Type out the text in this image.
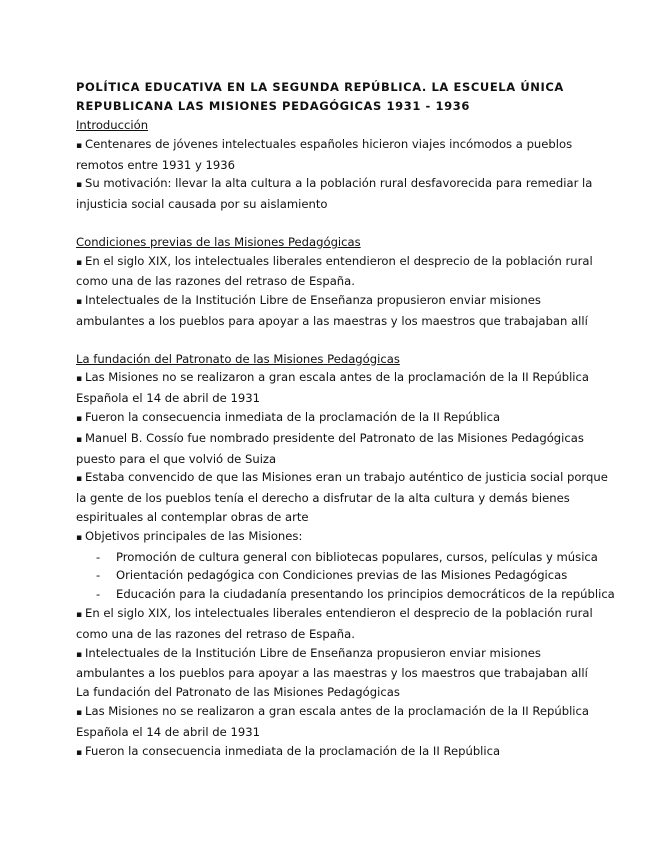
POLÍTICA EDUCATIVA EN LA SEGUNDA REPÚBLICA. LA ESCUELA ÚNICA

REPUBLICANA LAS MISIONES PEDAGÓGICAS 1931 - 1936

Introducción

▪ Centenares de jóvenes intelectuales españoles hicieron viajes incómodos a pueblos

remotos entre 1931 y 1936

▪ Su motivación: llevar la alta cultura a la población rural desfavorecida para remediar la

injusticia social causada por su aislamiento

Condiciones previas de las Misiones Pedagógicas

▪ En el siglo XIX, los intelectuales liberales entendieron el desprecio de la población rural

como una de las razones del retraso de España.

▪ Intelectuales de la Institución Libre de Enseñanza propusieron enviar misiones

ambulantes a los pueblos para apoyar a las maestras y los maestros que trabajaban allí

La fundación del Patronato de las Misiones Pedagógicas

▪ Las Misiones no se realizaron a gran escala antes de la proclamación de la II República

Española el 14 de abril de 1931

▪ Fueron la consecuencia inmediata de la proclamación de la II República

▪ Manuel B. Cossío fue nombrado presidente del Patronato de las Misiones Pedagógicas

puesto para el que volvió de Suiza

▪ Estaba convencido de que las Misiones eran un trabajo auténtico de justicia social porque

la gente de los pueblos tenía el derecho a disfrutar de la alta cultura y demás bienes

espirituales al contemplar obras de arte

▪ Objetivos principales de las Misiones:

- Promoción de cultura general con bibliotecas populares, cursos, películas y música

- Orientación pedagógica con Condiciones previas de las Misiones Pedagógicas

- Educación para la ciudadanía presentando los principios democráticos de la república

▪ En el siglo XIX, los intelectuales liberales entendieron el desprecio de la población rural

como una de las razones del retraso de España.

▪ Intelectuales de la Institución Libre de Enseñanza propusieron enviar misiones

ambulantes a los pueblos para apoyar a las maestras y los maestros que trabajaban allí

La fundación del Patronato de las Misiones Pedagógicas

▪ Las Misiones no se realizaron a gran escala antes de la proclamación de la II República

Española el 14 de abril de 1931

▪ Fueron la consecuencia inmediata de la proclamación de la II República
